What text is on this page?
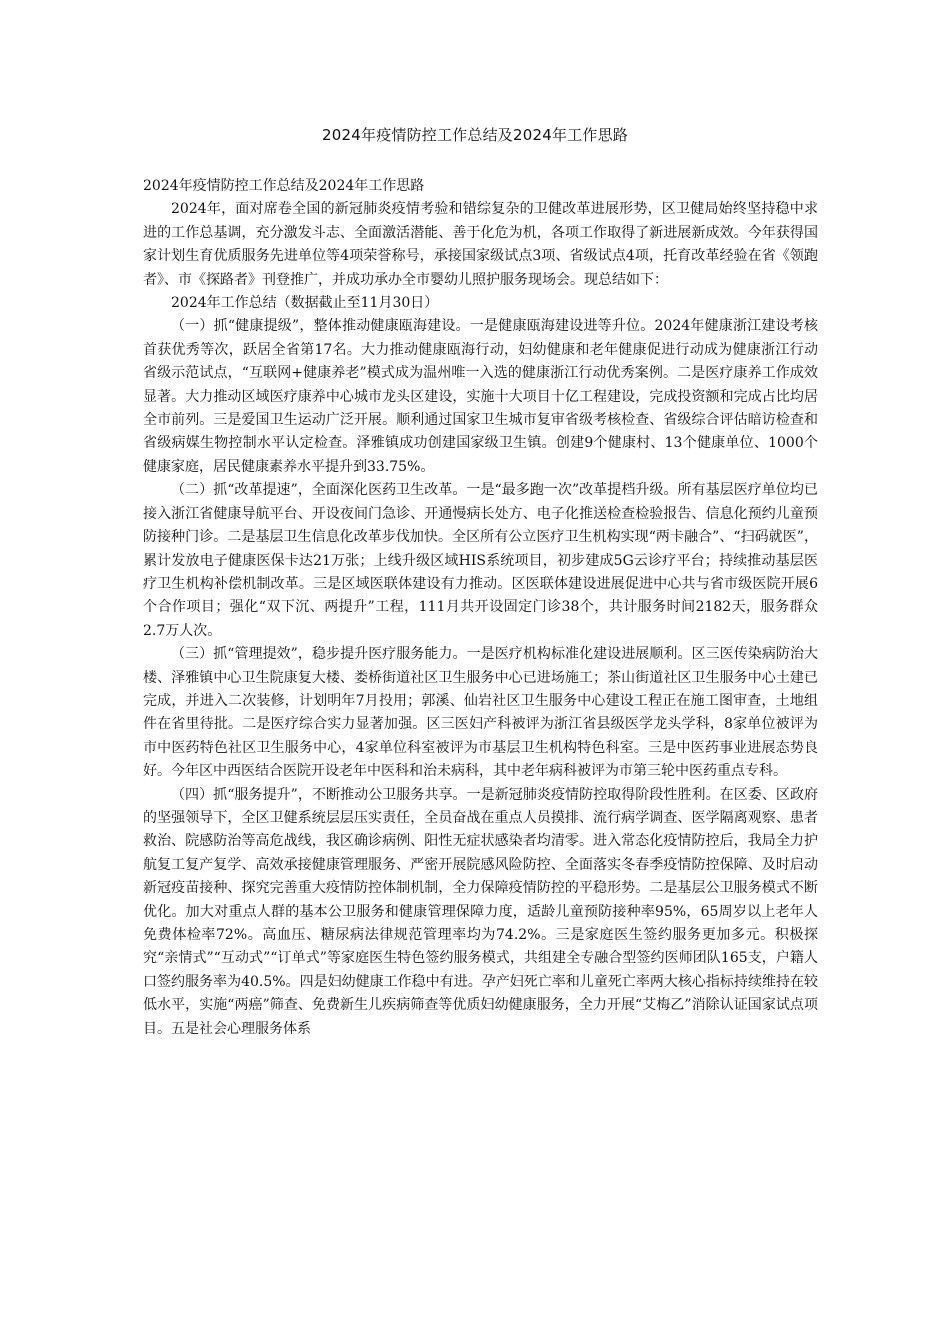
2024年疫情防控工作总结及2024年工作思路

2024年疫情防控工作总结及2024年工作思路

2024年，面对席卷全国的新冠肺炎疫情考验和错综复杂的卫健改革进展形势，区卫健局始终坚持稳中求进的工作总基调，充分激发斗志、全面激活潜能、善于化危为机，各项工作取得了新进展新成效。今年获得国家计划生育优质服务先进单位等4项荣誉称号，承接国家级试点3项、省级试点4项，托育改革经验在省《领跑者》、市《探路者》刊登推广，并成功承办全市婴幼儿照护服务现场会。现总结如下：

2024年工作总结（数据截止至11月30日）

（一）抓“健康提级”，整体推动健康瓯海建设。一是健康瓯海建设进等升位。2024年健康浙江建设考核首获优秀等次，跃居全省第17名。大力推动健康瓯海行动，妇幼健康和老年健康促进行动成为健康浙江行动省级示范试点，“互联网+健康养老”模式成为温州唯一入选的健康浙江行动优秀案例。二是医疗康养工作成效显著。大力推动区域医疗康养中心城市龙头区建设，实施十大项目十亿工程建设，完成投资额和完成占比均居全市前列。三是爱国卫生运动广泛开展。顺利通过国家卫生城市复审省级考核检查、省级综合评估暗访检查和省级病媒生物控制水平认定检查。泽雅镇成功创建国家级卫生镇。创建9个健康村、13个健康单位、1000个健康家庭，居民健康素养水平提升到33.75%。

（二）抓“改革提速”，全面深化医药卫生改革。一是“最多跑一次”改革提档升级。所有基层医疗单位均已接入浙江省健康导航平台、开设夜间门急诊、开通慢病长处方、电子化推送检查检验报告、信息化预约儿童预防接种门诊。二是基层卫生信息化改革步伐加快。全区所有公立医疗卫生机构实现“两卡融合”、“扫码就医”，累计发放电子健康医保卡达21万张；上线升级区域HIS系统项目，初步建成5G云诊疗平台；持续推动基层医疗卫生机构补偿机制改革。三是区域医联体建设有力推动。区医联体建设进展促进中心共与省市级医院开展6个合作项目；强化“双下沉、两提升”工程，111月共开设固定门诊38个，共计服务时间2182天，服务群众2.7万人次。

（三）抓“管理提效”，稳步提升医疗服务能力。一是医疗机构标准化建设进展顺利。区三医传染病防治大楼、泽雅镇中心卫生院康复大楼、娄桥街道社区卫生服务中心已进场施工；茶山街道社区卫生服务中心土建已完成，并进入二次装修，计划明年7月投用；郭溪、仙岩社区卫生服务中心建设工程正在施工图审查，土地组件在省里待批。二是医疗综合实力显著加强。区三医妇产科被评为浙江省县级医学龙头学科，8家单位被评为市中医药特色社区卫生服务中心，4家单位科室被评为市基层卫生机构特色科室。三是中医药事业进展态势良好。今年区中西医结合医院开设老年中医科和治未病科，其中老年病科被评为市第三轮中医药重点专科。

（四）抓“服务提升”，不断推动公卫服务共享。一是新冠肺炎疫情防控取得阶段性胜利。在区委、区政府的坚强领导下，全区卫健系统层层压实责任，全员奋战在重点人员摸排、流行病学调查、医学隔离观察、患者救治、院感防治等高危战线，我区确诊病例、阳性无症状感染者均清零。进入常态化疫情防控后，我局全力护航复工复产复学、高效承接健康管理服务、严密开展院感风险防控、全面落实冬春季疫情防控保障、及时启动新冠疫苗接种、探究完善重大疫情防控体制机制，全力保障疫情防控的平稳形势。二是基层公卫服务模式不断优化。加大对重点人群的基本公卫服务和健康管理保障力度，适龄儿童预防接种率95%，65周岁以上老年人免费体检率72%。高血压、糖尿病法律规范管理率均为74.2%。三是家庭医生签约服务更加多元。积极探究“亲情式”“互动式”“订单式”等家庭医生特色签约服务模式，共组建全专融合型签约医师团队165支，户籍人口签约服务率为40.5%。四是妇幼健康工作稳中有进。孕产妇死亡率和儿童死亡率两大核心指标持续维持在较低水平，实施“两癌”筛查、免费新生儿疾病筛查等优质妇幼健康服务，全力开展“艾梅乙”消除认证国家试点项目。五是社会心理服务体系
